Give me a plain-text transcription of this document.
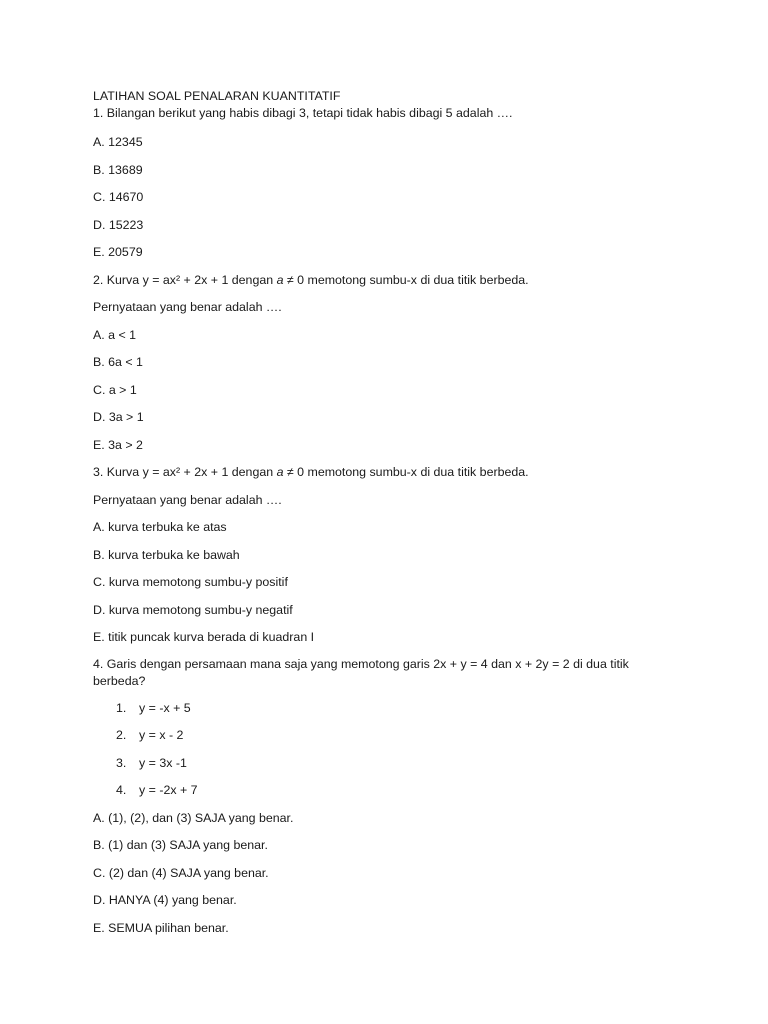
LATIHAN SOAL PENALARAN KUANTITATIF

1. Bilangan berikut yang habis dibagi 3, tetapi tidak habis dibagi 5 adalah ….

A. 12345

B. 13689

C. 14670

D. 15223

E. 20579

2. Kurva y = ax² + 2x + 1 dengan a ≠ 0 memotong sumbu-x di dua titik berbeda.

Pernyataan yang benar adalah ….

A. a < 1

B. 6a < 1

C. a > 1

D. 3a > 1

E. 3a > 2

3. Kurva y = ax² + 2x + 1 dengan a ≠ 0 memotong sumbu-x di dua titik berbeda.

Pernyataan yang benar adalah ….

A. kurva terbuka ke atas

B. kurva terbuka ke bawah

C. kurva memotong sumbu-y positif

D. kurva memotong sumbu-y negatif

E. titik puncak kurva berada di kuadran I

4. Garis dengan persamaan mana saja yang memotong garis 2x + y = 4 dan x + 2y = 2 di dua titik berbeda?

1. y = -x + 5
2. y = x - 2
3. y = 3x -1
4. y = -2x + 7

A. (1), (2), dan (3) SAJA yang benar.

B. (1) dan (3) SAJA yang benar.

C. (2) dan (4) SAJA yang benar.

D. HANYA (4) yang benar.

E. SEMUA pilihan benar.
